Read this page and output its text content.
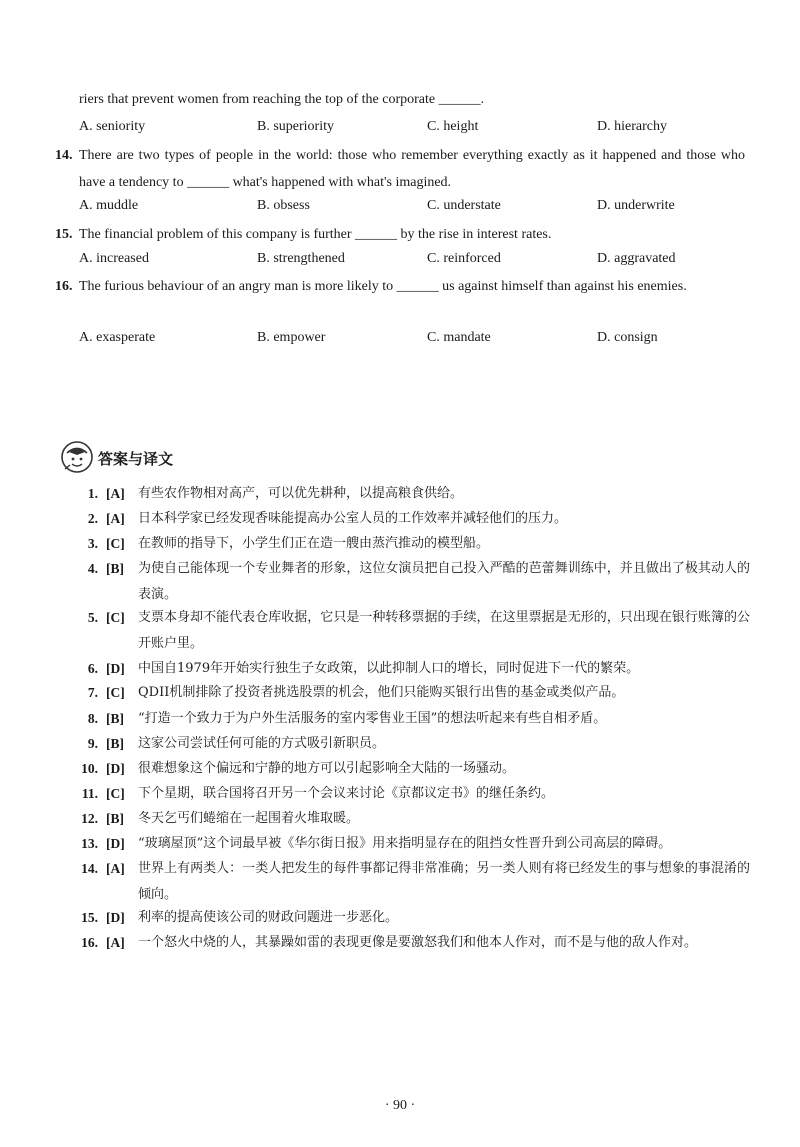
riers that prevent women from reaching the top of the corporate ______.
A. seniority	B. superiority	C. height	D. hierarchy
14. There are two types of people in the world: those who remember everything exactly as it happened and those who have a tendency to ______ what's happened with what's imagined.
A. muddle	B. obsess	C. understate	D. underwrite
15. The financial problem of this company is further ______ by the rise in interest rates.
A. increased	B. strengthened	C. reinforced	D. aggravated
16. The furious behaviour of an angry man is more likely to ______ us against himself than against his enemies.
A. exasperate	B. empower	C. mandate	D. consign
答案与译文
1. [A] 有些农作物相对高产，可以优先耕种，以提高粮食供给。
2. [A] 日本科学家已经发现香味能提高办公室人员的工作效率并减轻他们的压力。
3. [C] 在教师的指导下，小学生们正在造一艘由蒸汽推动的模型船。
4. [B] 为使自己能体现一个专业舞者的形象，这位女演员把自己投入严酷的芭蕾舞训练中，并且做出了极其动人的表演。
5. [C] 支票本身却不能代表仓库收据，它只是一种转移票据的手续，在这里票据是无形的，只出现在银行账簿的公开账户里。
6. [D] 中国自1979年开始实行独生子女政策，以此抑制人口的增长，同时促进下一代的繁荣。
7. [C] QDII机制排除了投资者挑选股票的机会，他们只能购买银行出售的基金或类似产品。
8. [B] “打造一个致力于为户外生活服务的室内零售业王国”的想法听起来有些自相矛盾。
9. [B] 这家公司尝试任何可能的方式吸引新职员。
10. [D] 很难想象这个偏远和宁静的地方可以引起影响全大陆的一场骚动。
11. [C] 下个星期，联合国将召开另一个会议来讨论《京都议定书》的继任条约。
12. [B] 冬天乞丐们蜷缩在一起围着火堆取暖。
13. [D] “玻璃屋顶”这个词最早被《华尔街日报》用来指明显存在的阻挡女性晋升到公司高层的障碍。
14. [A] 世界上有两类人：一类人把发生的每件事都记得非常准确；另一类人则有将已经发生的事与想象的事混淆的倾向。
15. [D] 利率的提高使该公司的财政问题进一步恶化。
16. [A] 一个怒火中烧的人，其暴躁如雷的表现更像是要激怒我们和他本人作对，而不是与他的敌人作对。
· 90 ·
